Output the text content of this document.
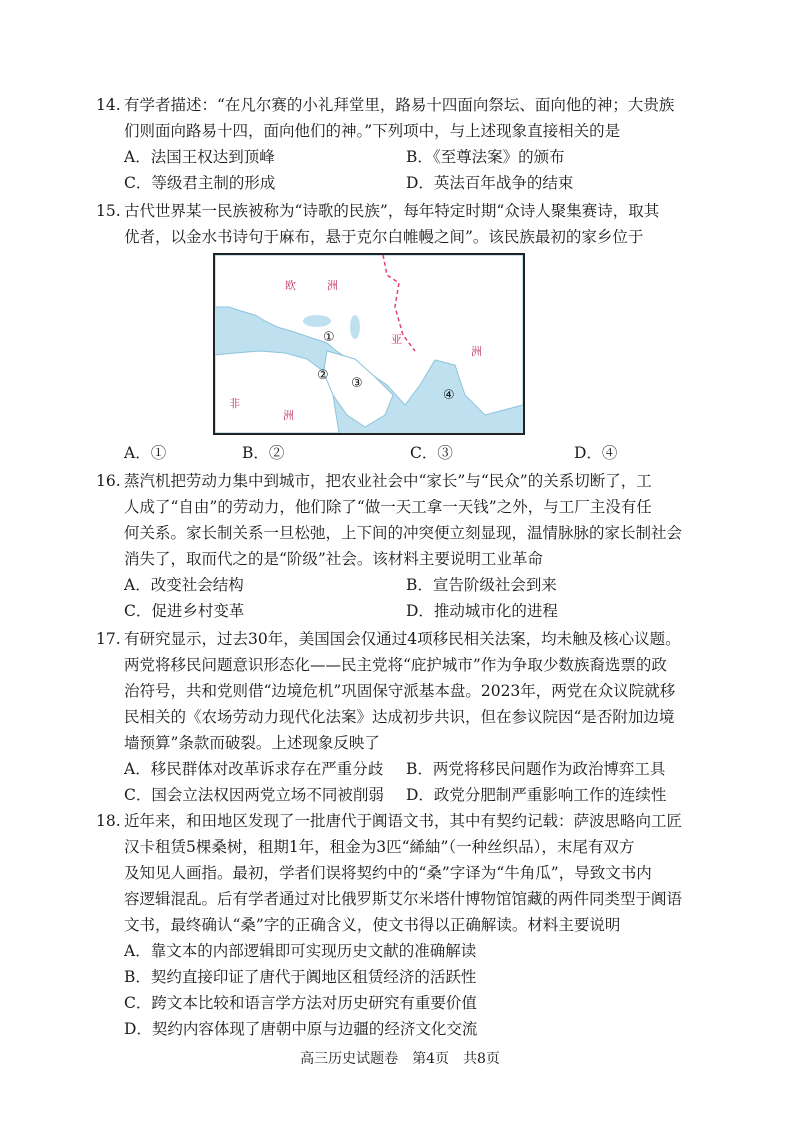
14. 有学者描述：“在凡尔赛的小礼拜堂里，路易十四面向祭坛、面向他的神；大贵族
们则面向路易十四，面向他们的神。”下列项中，与上述现象直接相关的是
A．法国王权达到顶峰	B．《至尊法案》的颁布
C．等级君主制的形成	D．英法百年战争的结束
15. 古代世界某一民族被称为“诗歌的民族”，每年特定时期“众诗人聚集赛诗，取其
优者，以金水书诗句于麻布，悬于克尔白帷幔之间”。该民族最初的家乡位于
欧	洲
亚
洲
非
洲
①
②
③
④
A．①	B．②	C．③	D．④
16. 蒸汽机把劳动力集中到城市，把农业社会中“家长”与“民众”的关系切断了，工
人成了“自由”的劳动力，他们除了“做一天工拿一天钱”之外，与工厂主没有任
何关系。家长制关系一旦松弛，上下间的冲突便立刻显现，温情脉脉的家长制社会
消失了，取而代之的是“阶级”社会。该材料主要说明工业革命
A．改变社会结构	B．宣告阶级社会到来
C．促进乡村变革	D．推动城市化的进程
17. 有研究显示，过去30年，美国国会仅通过4项移民相关法案，均未触及核心议题。
两党将移民问题意识形态化——民主党将“庇护城市”作为争取少数族裔选票的政
治符号，共和党则借“边境危机”巩固保守派基本盘。2023年，两党在众议院就移
民相关的《农场劳动力现代化法案》达成初步共识，但在参议院因“是否附加边境
墙预算”条款而破裂。上述现象反映了
A．移民群体对改革诉求存在严重分歧 B．两党将移民问题作为政治博弈工具
C．国会立法权因两党立场不同被削弱 D．政党分肥制严重影响工作的连续性
18. 近年来，和田地区发现了一批唐代于阗语文书，其中有契约记载：萨波思略向工匠
汉卡租赁5棵桑树，租期1年，租金为3匹“絺紬”（一种丝织品），末尾有双方
及知见人画指。最初，学者们误将契约中的“桑”字译为“牛角瓜”，导致文书内
容逻辑混乱。后有学者通过对比俄罗斯艾尔米塔什博物馆馆藏的两件同类型于阗语
文书，最终确认“桑”字的正确含义，使文书得以正确解读。材料主要说明
A．靠文本的内部逻辑即可实现历史文献的准确解读
B．契约直接印证了唐代于阗地区租赁经济的活跃性
C．跨文本比较和语言学方法对历史研究有重要价值
D．契约内容体现了唐朝中原与边疆的经济文化交流
高三历史试题卷　第4页　共8页
